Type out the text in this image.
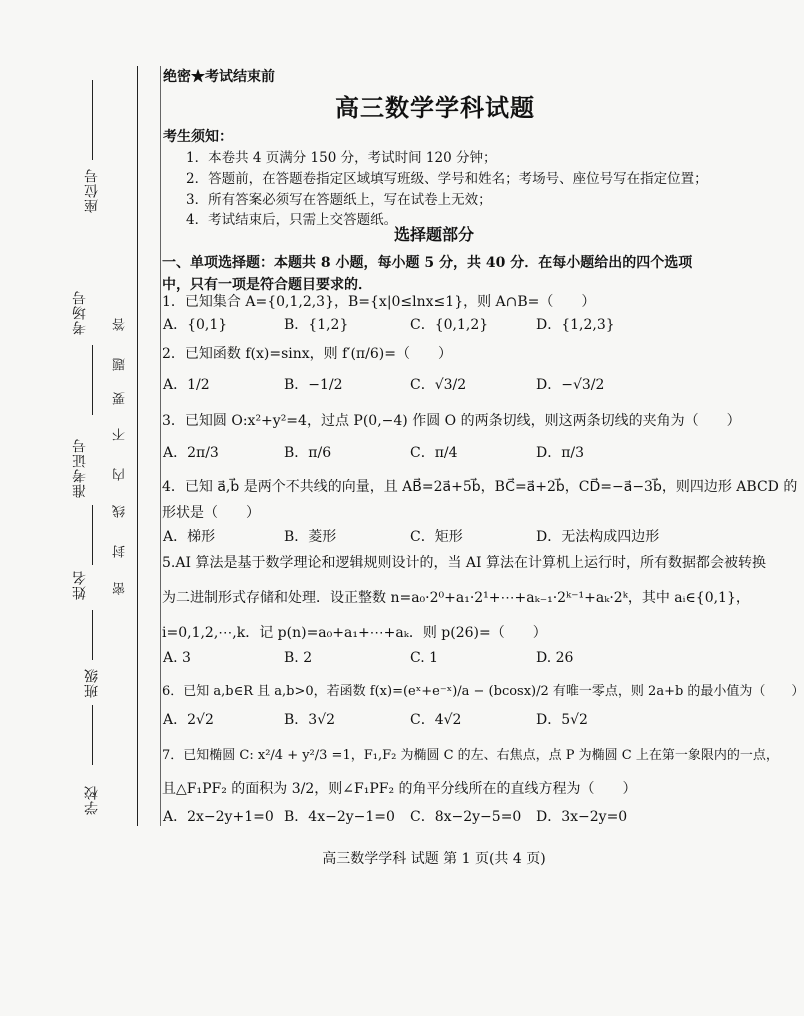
座位号
考场号
准考证号
姓名
班级
学校
答
题
要
不
内
线
封
密
绝密★考试结束前
高三数学学科试题
考生须知：
1．本卷共 4 页满分 150 分，考试时间 120 分钟；
2．答题前，在答题卷指定区域填写班级、学号和姓名；考场号、座位号写在指定位置；
3．所有答案必须写在答题纸上，写在试卷上无效；
4．考试结束后，只需上交答题纸。
选择题部分
一、单项选择题：本题共 8 小题，每小题 5 分，共 40 分．在每小题给出的四个选项中，只有一项是符合题目要求的．
1．已知集合 A={0,1,2,3}，B={x|0≤lnx≤1}，则 A∩B=（　　）
A．{0,1}	B．{1,2}	C．{0,1,2}	D．{1,2,3}
2．已知函数 f(x)=sinx，则 f′(π/6)=（　　）
A．1/2	B．−1/2	C．√3/2	D．−√3/2
3．已知圆 O:x²+y²=4，过点 P(0,−4) 作圆 O 的两条切线，则这两条切线的夹角为（　　）
A．2π/3	B．π/6	C．π/4	D．π/3
4．已知 a⃗,b⃗ 是两个不共线的向量，且 AB⃗=2a⃗+5b⃗，BC⃗=a⃗+2b⃗，CD⃗=−a⃗−3b⃗，则四边形 ABCD 的
形状是（　　）
A．梯形	B．菱形	C．矩形	D．无法构成四边形
5.AI 算法是基于数学理论和逻辑规则设计的，当 AI 算法在计算机上运行时，所有数据都会被转换
为二进制形式存储和处理．设正整数 n=a₀·2⁰+a₁·2¹+⋯+aₖ₋₁·2ᵏ⁻¹+aₖ·2ᵏ，其中 aᵢ∈{0,1}，
i=0,1,2,⋯,k．记 p(n)=a₀+a₁+⋯+aₖ．则 p(26)=（　　）
A. 3	B. 2	C. 1	D. 26
6．已知 a,b∈R 且 a,b>0，若函数 f(x)=(eˣ+e⁻ˣ)/a − (bcosx)/2 有唯一零点，则 2a+b 的最小值为（　　）
A．2√2	B．3√2	C．4√2	D．5√2
7．已知椭圆 C: x²/4 + y²/3 =1，F₁,F₂ 为椭圆 C 的左、右焦点，点 P 为椭圆 C 上在第一象限内的一点，
且△F₁PF₂ 的面积为 3/2，则∠F₁PF₂ 的角平分线所在的直线方程为（　　）
A．2x−2y+1=0 B．4x−2y−1=0 C．8x−2y−5=0 D．3x−2y=0
高三数学学科 试题 第 1 页(共 4 页)
